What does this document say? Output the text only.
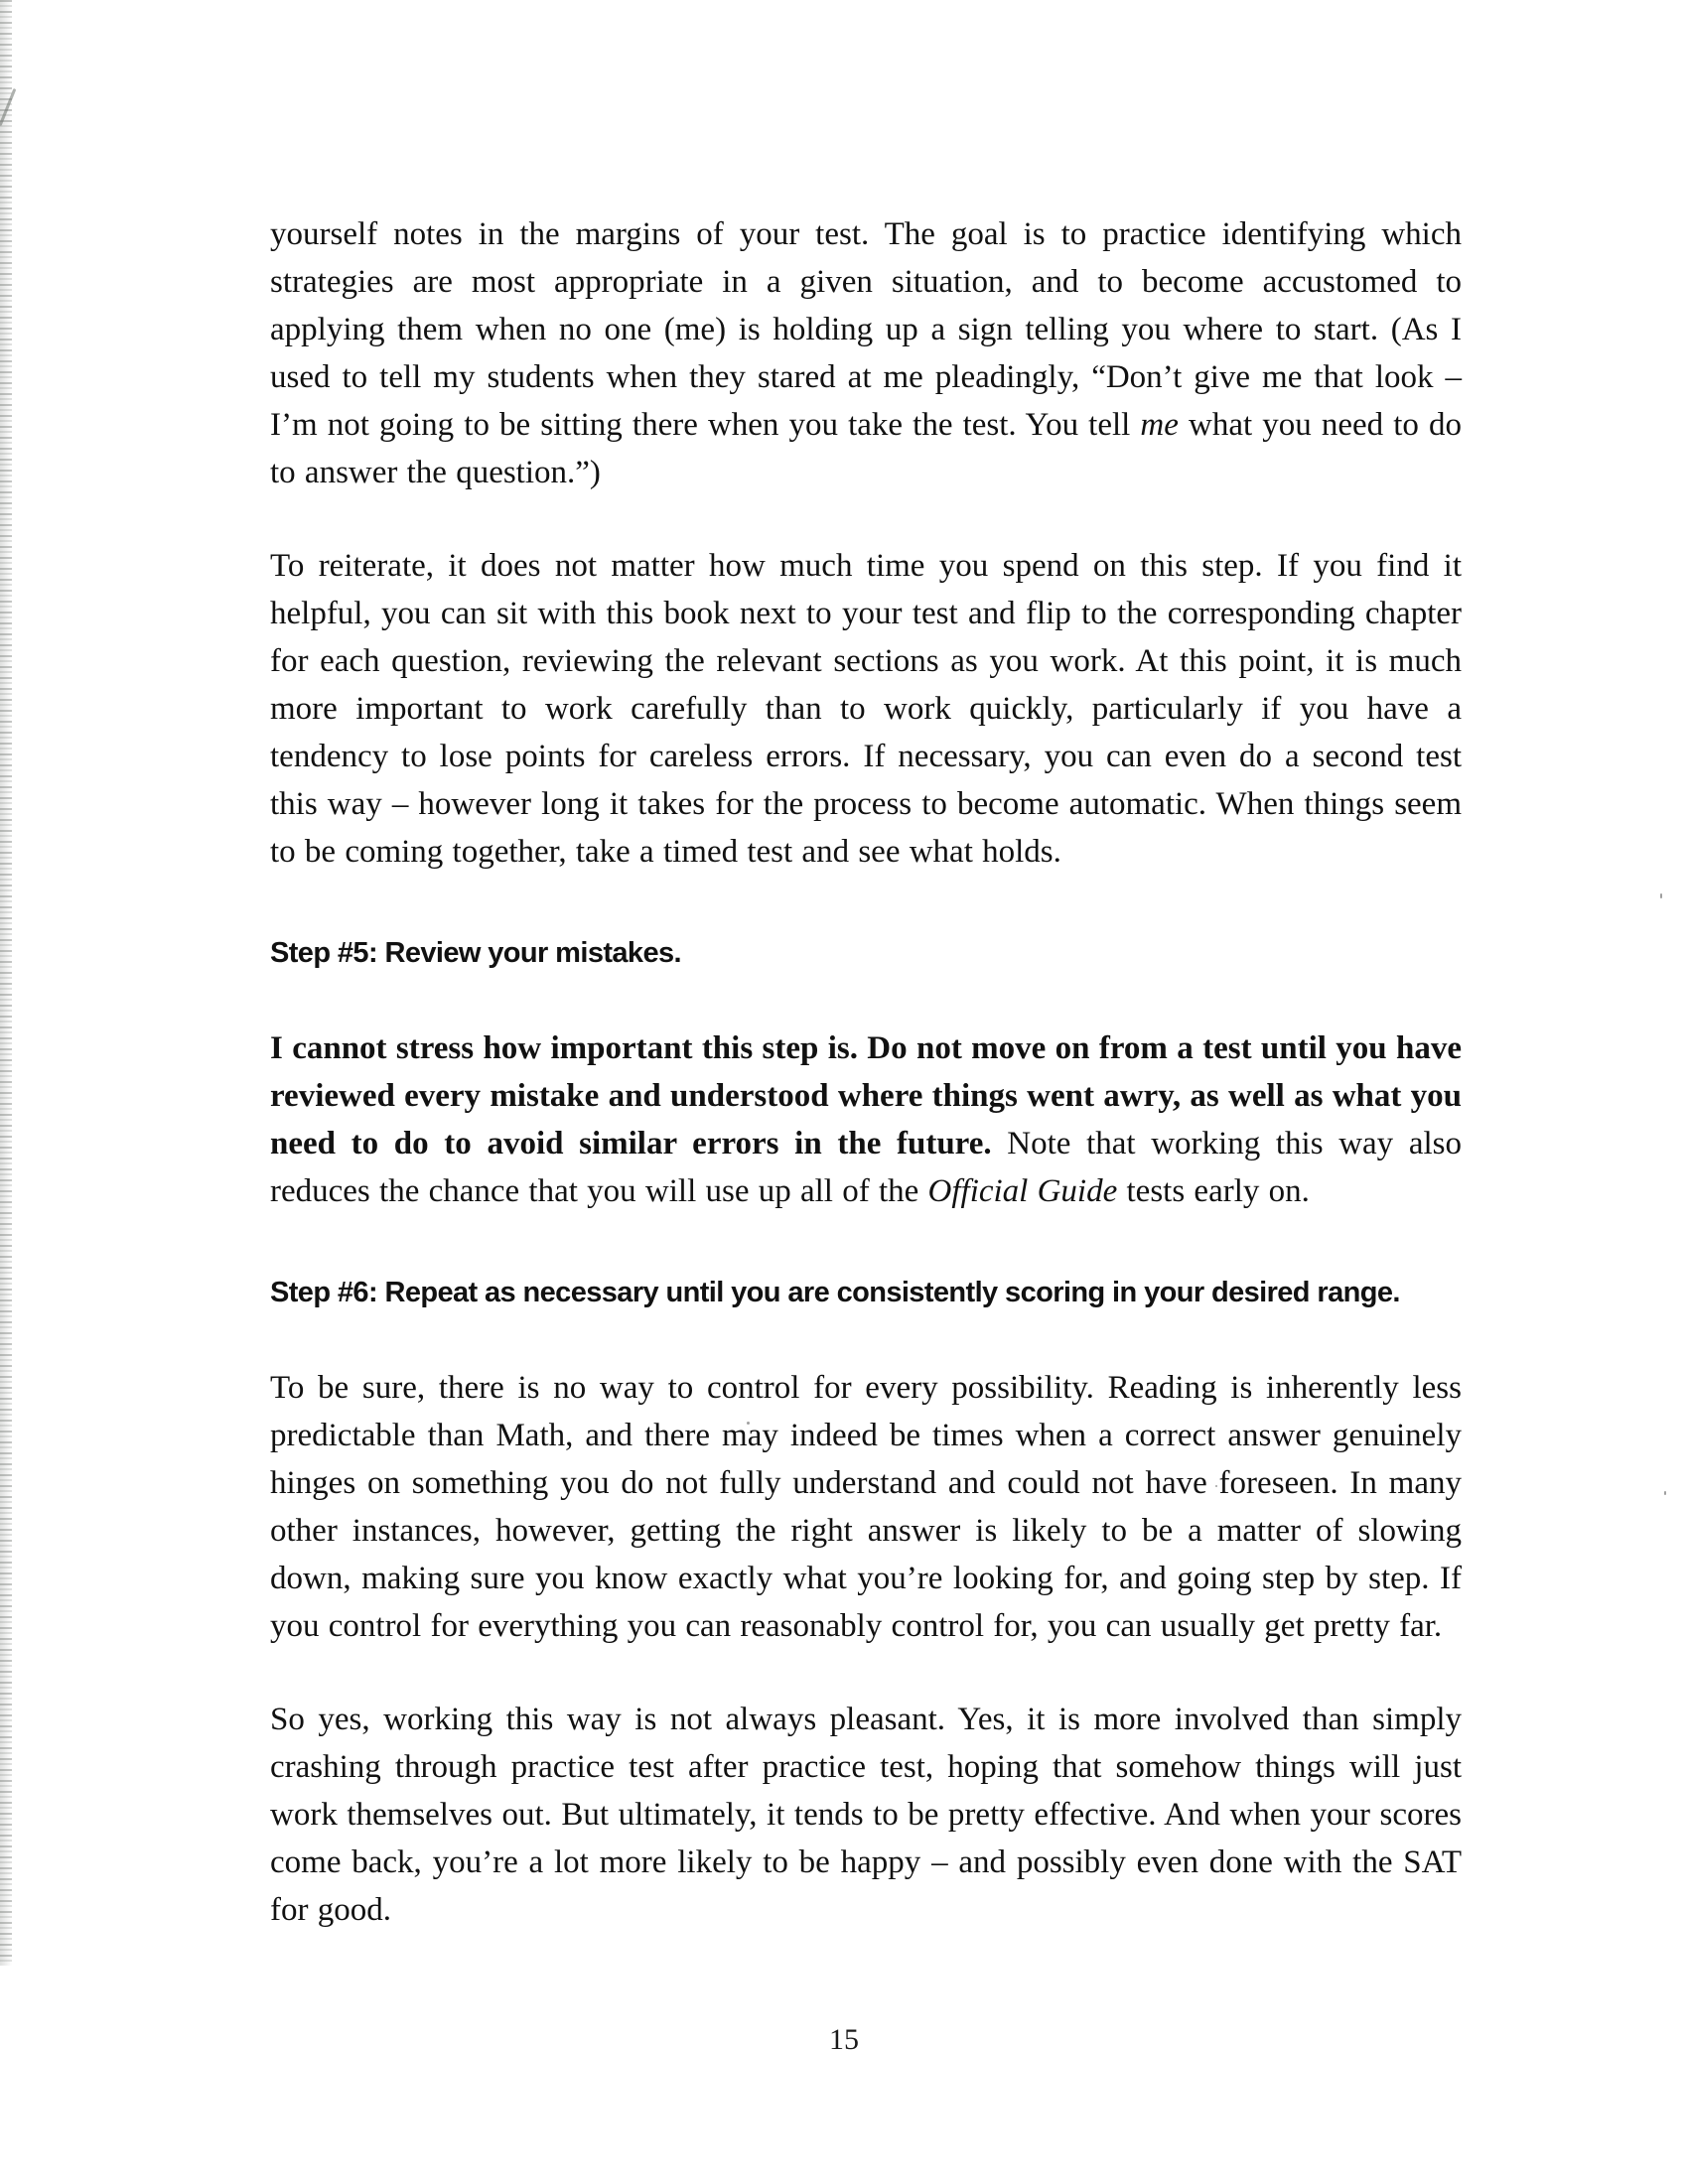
yourself notes in the margins of your test. The goal is to practice identifying which strategies are most appropriate in a given situation, and to become accustomed to applying them when no one (me) is holding up a sign telling you where to start. (As I used to tell my students when they stared at me pleadingly, “Don’t give me that look – I’m not going to be sitting there when you take the test. You tell me what you need to do to answer the question.”)

To reiterate, it does not matter how much time you spend on this step. If you find it helpful, you can sit with this book next to your test and flip to the corresponding chapter for each question, reviewing the relevant sections as you work. At this point, it is much more important to work carefully than to work quickly, particularly if you have a tendency to lose points for careless errors. If necessary, you can even do a second test this way – however long it takes for the process to become automatic. When things seem to be coming together, take a timed test and see what holds.

Step #5: Review your mistakes.

I cannot stress how important this step is. Do not move on from a test until you have reviewed every mistake and understood where things went awry, as well as what you need to do to avoid similar errors in the future. Note that working this way also reduces the chance that you will use up all of the Official Guide tests early on.

Step #6: Repeat as necessary until you are consistently scoring in your desired range.

To be sure, there is no way to control for every possibility. Reading is inherently less predictable than Math, and there may indeed be times when a correct answer genuinely hinges on something you do not fully understand and could not have foreseen. In many other instances, however, getting the right answer is likely to be a matter of slowing down, making sure you know exactly what you’re looking for, and going step by step. If you control for everything you can reasonably control for, you can usually get pretty far.

So yes, working this way is not always pleasant. Yes, it is more involved than simply crashing through practice test after practice test, hoping that somehow things will just work themselves out. But ultimately, it tends to be pretty effective. And when your scores come back, you’re a lot more likely to be happy – and possibly even done with the SAT for good.

15
